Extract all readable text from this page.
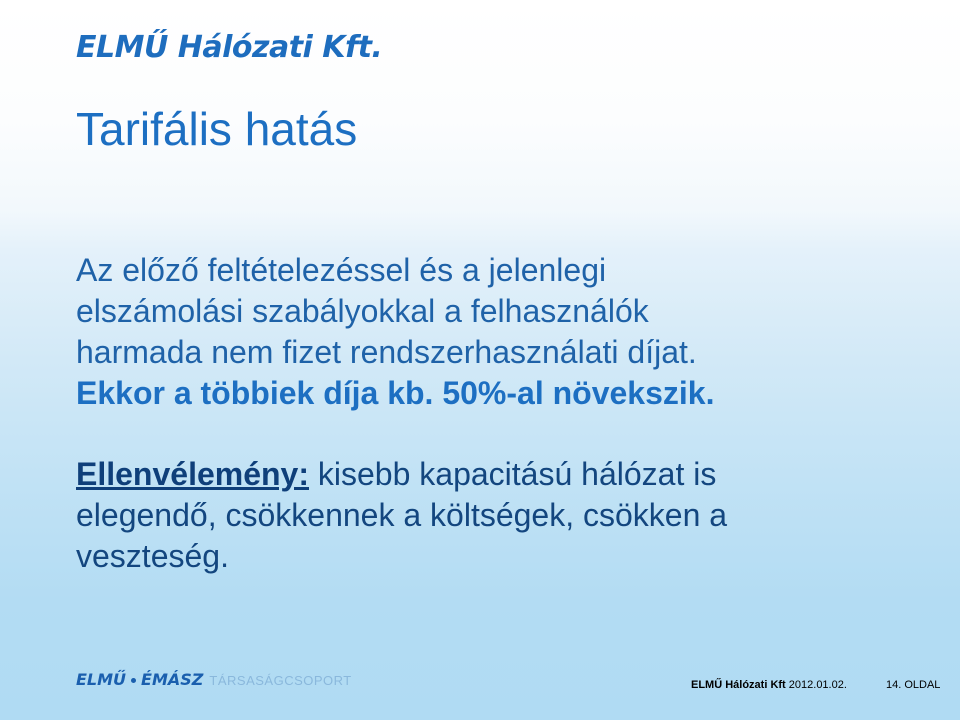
ELMŰ Hálózati Kft.
Tarifális hatás
Az előző feltételezéssel és a jelenlegi
elszámolási szabályokkal a felhasználók
harmada nem fizet rendszerhasználati díjat.
Ekkor a többiek díja kb. 50%-al növekszik.
Ellenvélemény: kisebb kapacitású hálózat is
elegendő, csökkennek a költségek, csökken a
veszteség.
ELMŰ ÉMÁSZ TÁRSASÁGCSOPORT	ELMŰ Hálózati Kft 2012.01.02.	14. OLDAL
